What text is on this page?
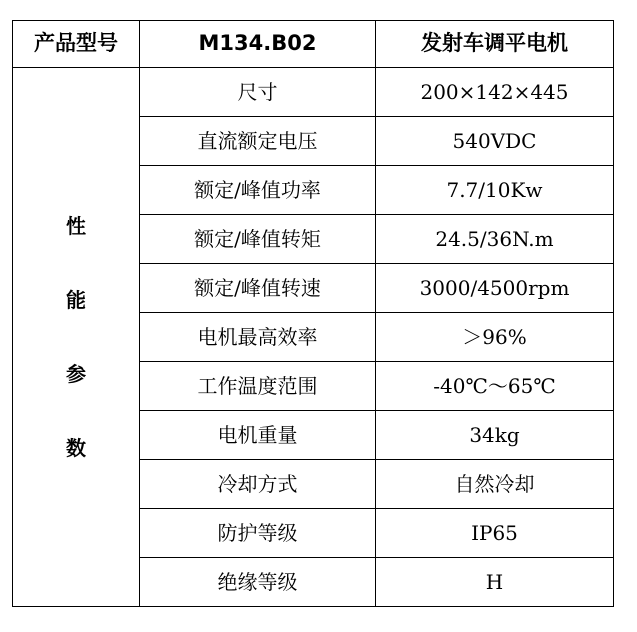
产品型号	M134.B02	发射车调平电机

性
能
参
数	尺寸	200×142×445
	直流额定电压	540VDC
	额定/峰值功率	7.7/10Kw
	额定/峰值转矩	24.5/36N.m
	额定/峰值转速	3000/4500rpm
	电机最高效率	＞96%
	工作温度范围	-40℃～65℃
	电机重量	34kg
	冷却方式	自然冷却
	防护等级	IP65
	绝缘等级	H
